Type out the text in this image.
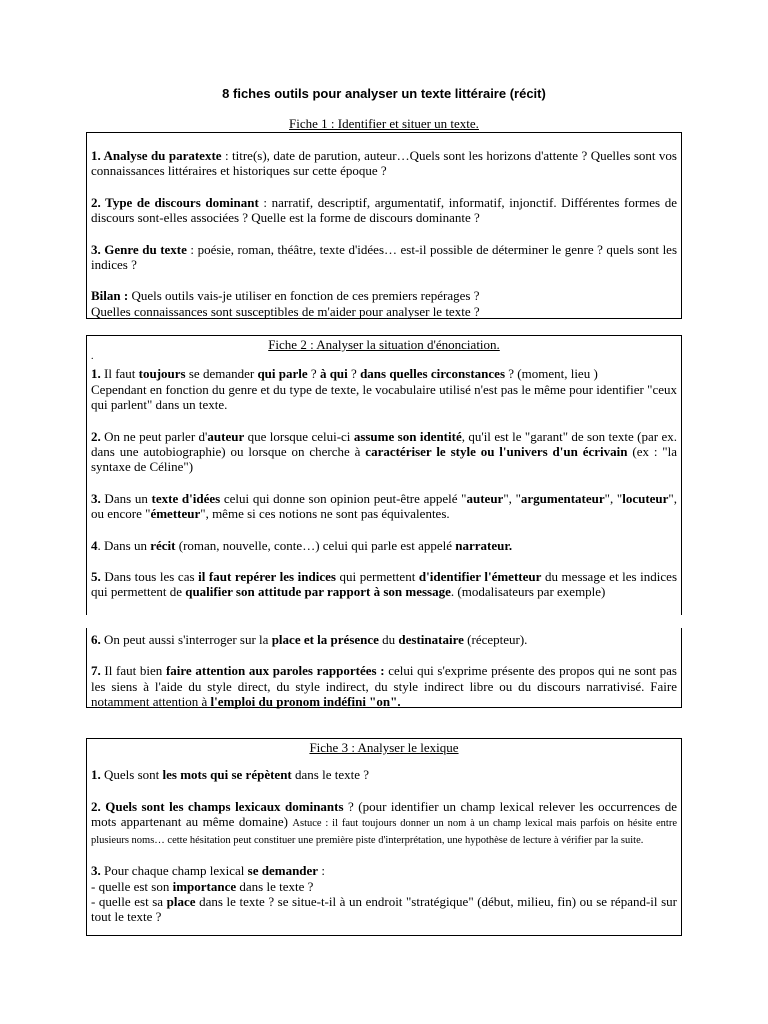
8 fiches outils pour analyser un texte littéraire (récit)
Fiche 1 : Identifier et situer un texte.

1. Analyse du paratexte : titre(s), date de parution, auteur…Quels sont les horizons d'attente ? Quelles sont vos connaissances littéraires et historiques sur cette époque ?

2. Type de discours dominant : narratif, descriptif, argumentatif, informatif, injonctif. Différentes formes de discours sont-elles associées ? Quelle est la forme de discours dominante ?

3. Genre du texte : poésie, roman, théâtre, texte d'idées… est-il possible de déterminer le genre ? quels sont les indices ?

Bilan : Quels outils vais-je utiliser en fonction de ces premiers repérages ?
Quelles connaissances sont susceptibles de m'aider pour analyser le texte ?

Fiche 2 : Analyser la situation d'énonciation.
.

1. Il faut toujours se demander qui parle ? à qui ? dans quelles circonstances ? (moment, lieu )
Cependant en fonction du genre et du type de texte, le vocabulaire utilisé n'est pas le même pour identifier "ceux qui parlent" dans un texte.

2. On ne peut parler d'auteur que lorsque celui-ci assume son identité, qu'il est le "garant" de son texte (par ex. dans une autobiographie) ou lorsque on cherche à caractériser le style ou l'univers d'un écrivain (ex : "la syntaxe de Céline")

3. Dans un texte d'idées celui qui donne son opinion peut-être appelé "auteur", "argumentateur", "locuteur", ou encore "émetteur", même si ces notions ne sont pas équivalentes.

4. Dans un récit (roman, nouvelle, conte…) celui qui parle est appelé narrateur.

5. Dans tous les cas il faut repérer les indices qui permettent d'identifier l'émetteur du message et les indices qui permettent de qualifier son attitude par rapport à son message. (modalisateurs par exemple)

6. On peut aussi s'interroger sur la place et la présence du destinataire (récepteur).

7. Il faut bien faire attention aux paroles rapportées : celui qui s'exprime présente des propos qui ne sont pas les siens à l'aide du style direct, du style indirect, du style indirect libre ou du discours narrativisé. Faire notamment attention à l'emploi du pronom indéfini "on".

Fiche 3 : Analyser le lexique

1. Quels sont les mots qui se répètent dans le texte ?

2. Quels sont les champs lexicaux dominants ? (pour identifier un champ lexical relever les occurrences de mots appartenant au même domaine) Astuce : il faut toujours donner un nom à un champ lexical mais parfois on hésite entre plusieurs noms… cette hésitation peut constituer une première piste d'interprétation, une hypothèse de lecture à vérifier par la suite.

3. Pour chaque champ lexical se demander :
- quelle est son importance dans le texte ?
- quelle est sa place dans le texte ? se situe-t-il à un endroit "stratégique" (début, milieu, fin) ou se répand-il sur tout le texte ?
